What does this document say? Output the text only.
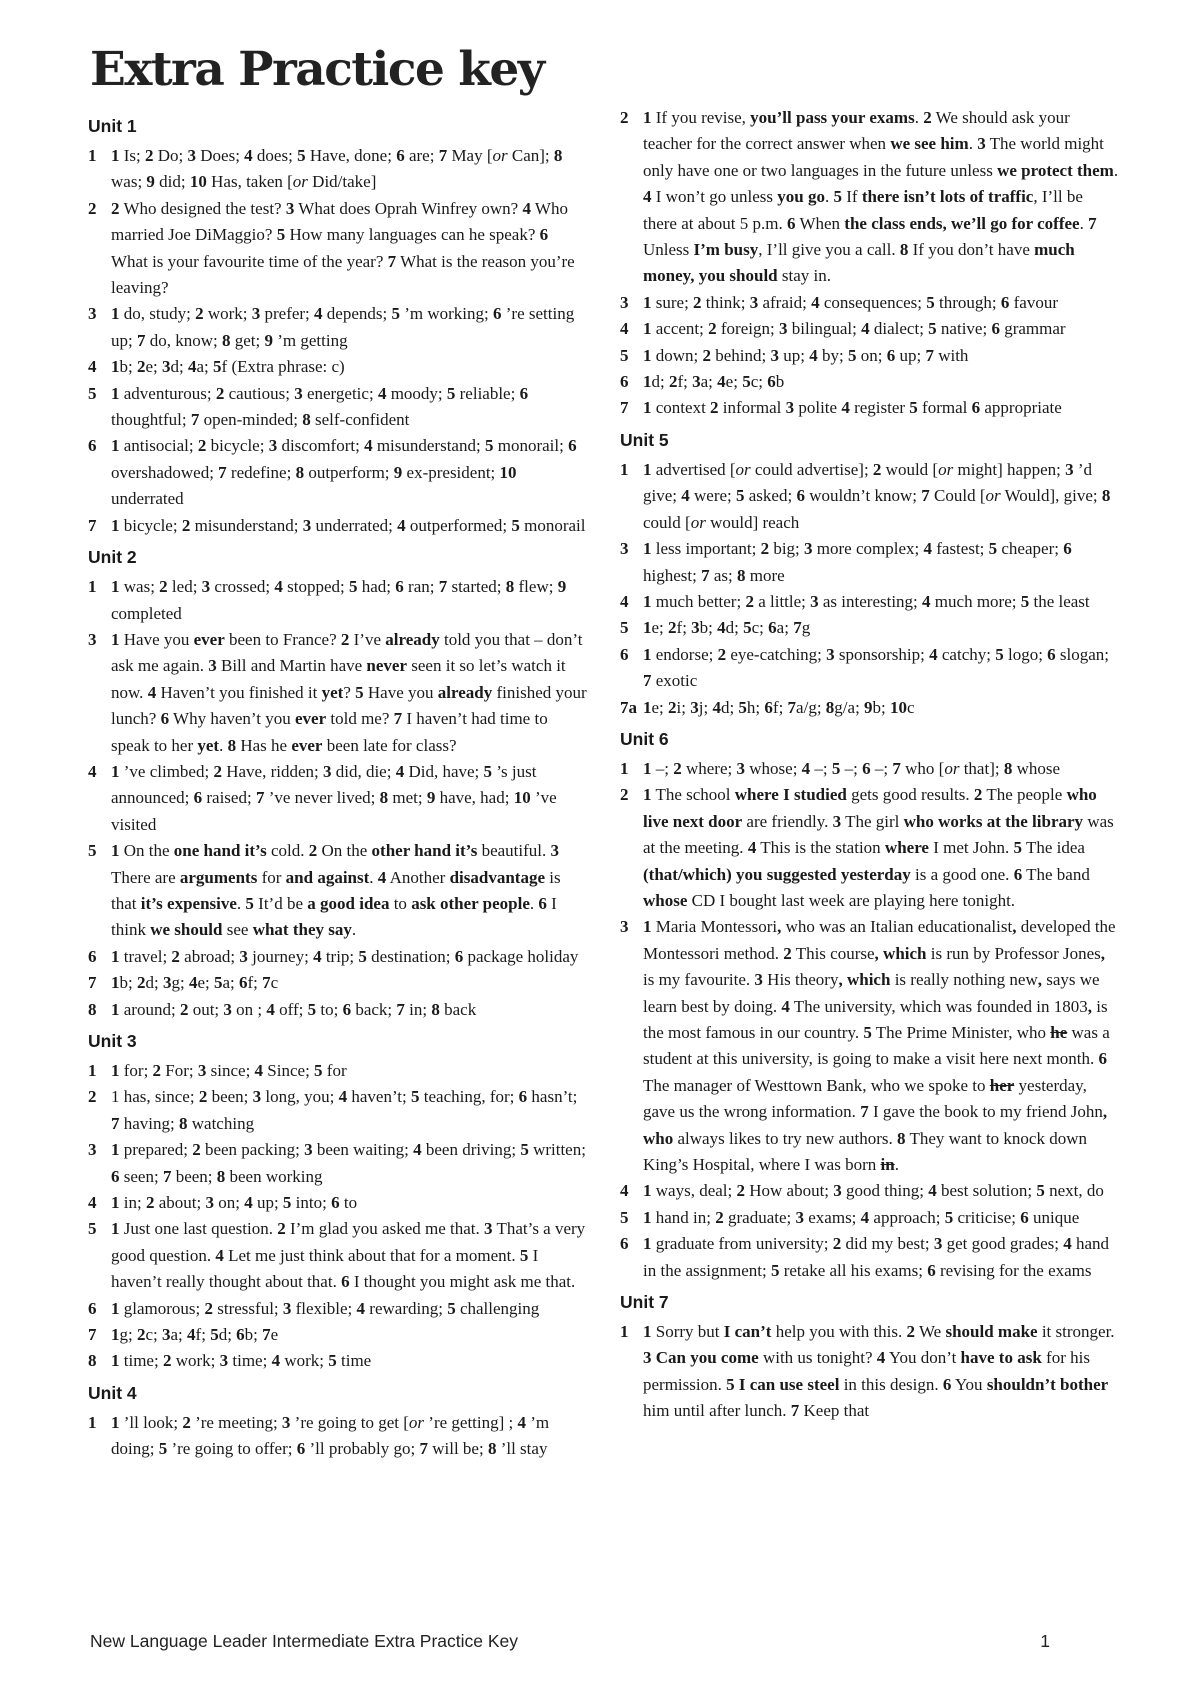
Extra Practice key
Unit 1
1 1 Is; 2 Do; 3 Does; 4 does; 5 Have, done; 6 are; 7 May [or Can]; 8 was; 9 did; 10 Has, taken [or Did/take]
2 2 Who designed the test? 3 What does Oprah Winfrey own? 4 Who married Joe DiMaggio? 5 How many languages can he speak? 6 What is your favourite time of the year? 7 What is the reason you’re leaving?
3 1 do, study; 2 work; 3 prefer; 4 depends; 5 ’m working; 6 ’re setting up; 7 do, know; 8 get; 9 ’m getting
4 1b; 2e; 3d; 4a; 5f (Extra phrase: c)
5 1 adventurous; 2 cautious; 3 energetic; 4 moody; 5 reliable; 6 thoughtful; 7 open-minded; 8 self-confident
6 1 antisocial; 2 bicycle; 3 discomfort; 4 misunderstand; 5 monorail; 6 overshadowed; 7 redefine; 8 outperform; 9 ex-president; 10 underrated
7 1 bicycle; 2 misunderstand; 3 underrated; 4 outperformed; 5 monorail
Unit 2
1 1 was; 2 led; 3 crossed; 4 stopped; 5 had; 6 ran; 7 started; 8 flew; 9 completed
3 1 Have you ever been to France? 2 I’ve already told you that – don’t ask me again. 3 Bill and Martin have never seen it so let’s watch it now. 4 Haven’t you finished it yet? 5 Have you already finished your lunch? 6 Why haven’t you ever told me? 7 I haven’t had time to speak to her yet. 8 Has he ever been late for class?
4 1 ’ve climbed; 2 Have, ridden; 3 did, die; 4 Did, have; 5 ’s just announced; 6 raised; 7 ’ve never lived; 8 met; 9 have, had; 10 ’ve visited
5 1 On the one hand it’s cold. 2 On the other hand it’s beautiful. 3 There are arguments for and against. 4 Another disadvantage is that it’s expensive. 5 It’d be a good idea to ask other people. 6 I think we should see what they say.
6 1 travel; 2 abroad; 3 journey; 4 trip; 5 destination; 6 package holiday
7 1b; 2d; 3g; 4e; 5a; 6f; 7c
8 1 around; 2 out; 3 on ; 4 off; 5 to; 6 back; 7 in; 8 back
Unit 3
1 1 for; 2 For; 3 since; 4 Since; 5 for
2 1 has, since; 2 been; 3 long, you; 4 haven’t; 5 teaching, for; 6 hasn’t; 7 having; 8 watching
3 1 prepared; 2 been packing; 3 been waiting; 4 been driving; 5 written; 6 seen; 7 been; 8 been working
4 1 in; 2 about; 3 on; 4 up; 5 into; 6 to
5 1 Just one last question. 2 I’m glad you asked me that. 3 That’s a very good question. 4 Let me just think about that for a moment. 5 I haven’t really thought about that. 6 I thought you might ask me that.
6 1 glamorous; 2 stressful; 3 flexible; 4 rewarding; 5 challenging
7 1g; 2c; 3a; 4f; 5d; 6b; 7e
8 1 time; 2 work; 3 time; 4 work; 5 time
Unit 4
1 1 ’ll look; 2 ’re meeting; 3 ’re going to get [or ’re getting] ; 4 ’m doing; 5 ’re going to offer; 6 ’ll probably go; 7 will be; 8 ’ll stay
2 1 If you revise, you’ll pass your exams. 2 We should ask your teacher for the correct answer when we see him. 3 The world might only have one or two languages in the future unless we protect them. 4 I won’t go unless you go. 5 If there isn’t lots of traffic, I’ll be there at about 5 p.m. 6 When the class ends, we’ll go for coffee. 7 Unless I’m busy, I’ll give you a call. 8 If you don’t have much money, you should stay in.
3 1 sure; 2 think; 3 afraid; 4 consequences; 5 through; 6 favour
4 1 accent; 2 foreign; 3 bilingual; 4 dialect; 5 native; 6 grammar
5 1 down; 2 behind; 3 up; 4 by; 5 on; 6 up; 7 with
6 1d; 2f; 3a; 4e; 5c; 6b
7 1 context 2 informal 3 polite 4 register 5 formal 6 appropriate
Unit 5
1 1 advertised [or could advertise]; 2 would [or might] happen; 3 ’d give; 4 were; 5 asked; 6 wouldn’t know; 7 Could [or Would], give; 8 could [or would] reach
3 1 less important; 2 big; 3 more complex; 4 fastest; 5 cheaper; 6 highest; 7 as; 8 more
4 1 much better; 2 a little; 3 as interesting; 4 much more; 5 the least
5 1e; 2f; 3b; 4d; 5c; 6a; 7g
6 1 endorse; 2 eye-catching; 3 sponsorship; 4 catchy; 5 logo; 6 slogan; 7 exotic
7a 1e; 2i; 3j; 4d; 5h; 6f; 7a/g; 8g/a; 9b; 10c
Unit 6
1 1 –; 2 where; 3 whose; 4 –; 5 –; 6 –; 7 who [or that]; 8 whose
2 1 The school where I studied gets good results. 2 The people who live next door are friendly. 3 The girl who works at the library was at the meeting. 4 This is the station where I met John. 5 The idea (that/which) you suggested yesterday is a good one. 6 The band whose CD I bought last week are playing here tonight.
3 1 Maria Montessori, who was an Italian educationalist, developed the Montessori method. 2 This course, which is run by Professor Jones, is my favourite. 3 His theory, which is really nothing new, says we learn best by doing. 4 The university, which was founded in 1803, is the most famous in our country. 5 The Prime Minister, who he was a student at this university, is going to make a visit here next month. 6 The manager of Westtown Bank, who we spoke to her yesterday, gave us the wrong information. 7 I gave the book to my friend John, who always likes to try new authors. 8 They want to knock down King’s Hospital, where I was born in.
4 1 ways, deal; 2 How about; 3 good thing; 4 best solution; 5 next, do
5 1 hand in; 2 graduate; 3 exams; 4 approach; 5 criticise; 6 unique
6 1 graduate from university; 2 did my best; 3 get good grades; 4 hand in the assignment; 5 retake all his exams; 6 revising for the exams
Unit 7
1 1 Sorry but I can’t help you with this. 2 We should make it stronger. 3 Can you come with us tonight? 4 You don’t have to ask for his permission. 5 I can use steel in this design. 6 You shouldn’t bother him until after lunch. 7 Keep that
New Language Leader Intermediate Extra Practice Key	1
